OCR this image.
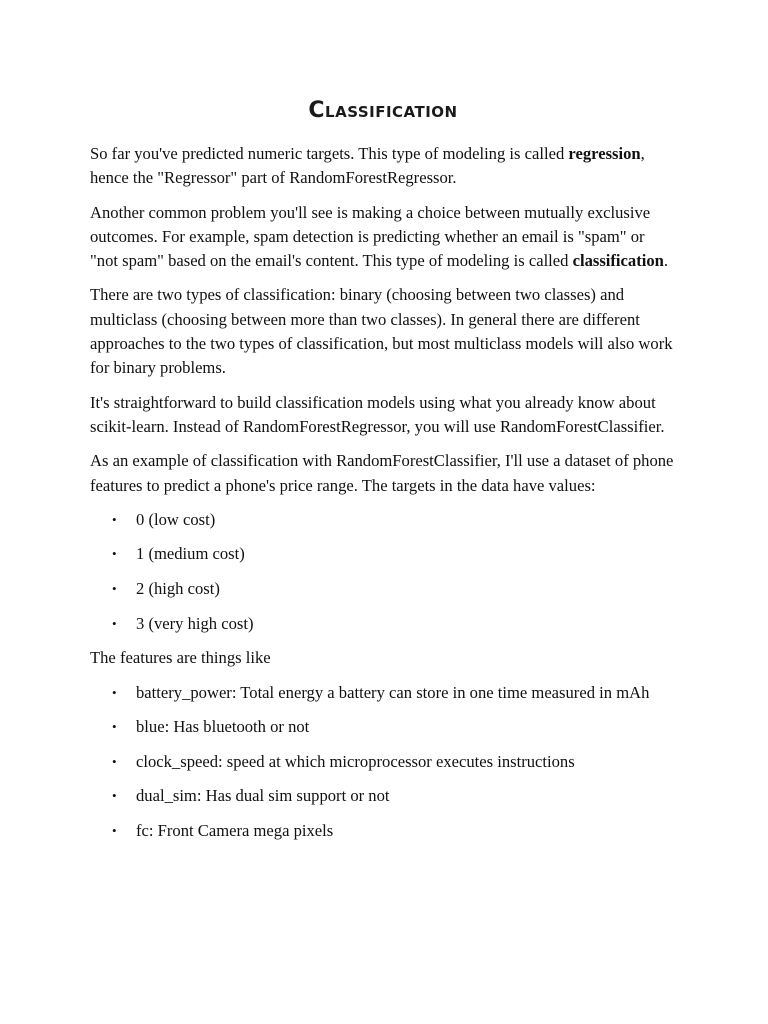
Classification

So far you've predicted numeric targets. This type of modeling is called regression, hence the "Regressor" part of RandomForestRegressor.

Another common problem you'll see is making a choice between mutually exclusive outcomes. For example, spam detection is predicting whether an email is "spam" or "not spam" based on the email's content. This type of modeling is called classification.

There are two types of classification: binary (choosing between two classes) and multiclass (choosing between more than two classes). In general there are different approaches to the two types of classification, but most multiclass models will also work for binary problems.

It's straightforward to build classification models using what you already know about scikit-learn. Instead of RandomForestRegressor, you will use RandomForestClassifier.

As an example of classification with RandomForestClassifier, I'll use a dataset of phone features to predict a phone's price range. The targets in the data have values:

• 0 (low cost)
• 1 (medium cost)
• 2 (high cost)
• 3 (very high cost)

The features are things like

• battery_power: Total energy a battery can store in one time measured in mAh
• blue: Has bluetooth or not
• clock_speed: speed at which microprocessor executes instructions
• dual_sim: Has dual sim support or not
• fc: Front Camera mega pixels
